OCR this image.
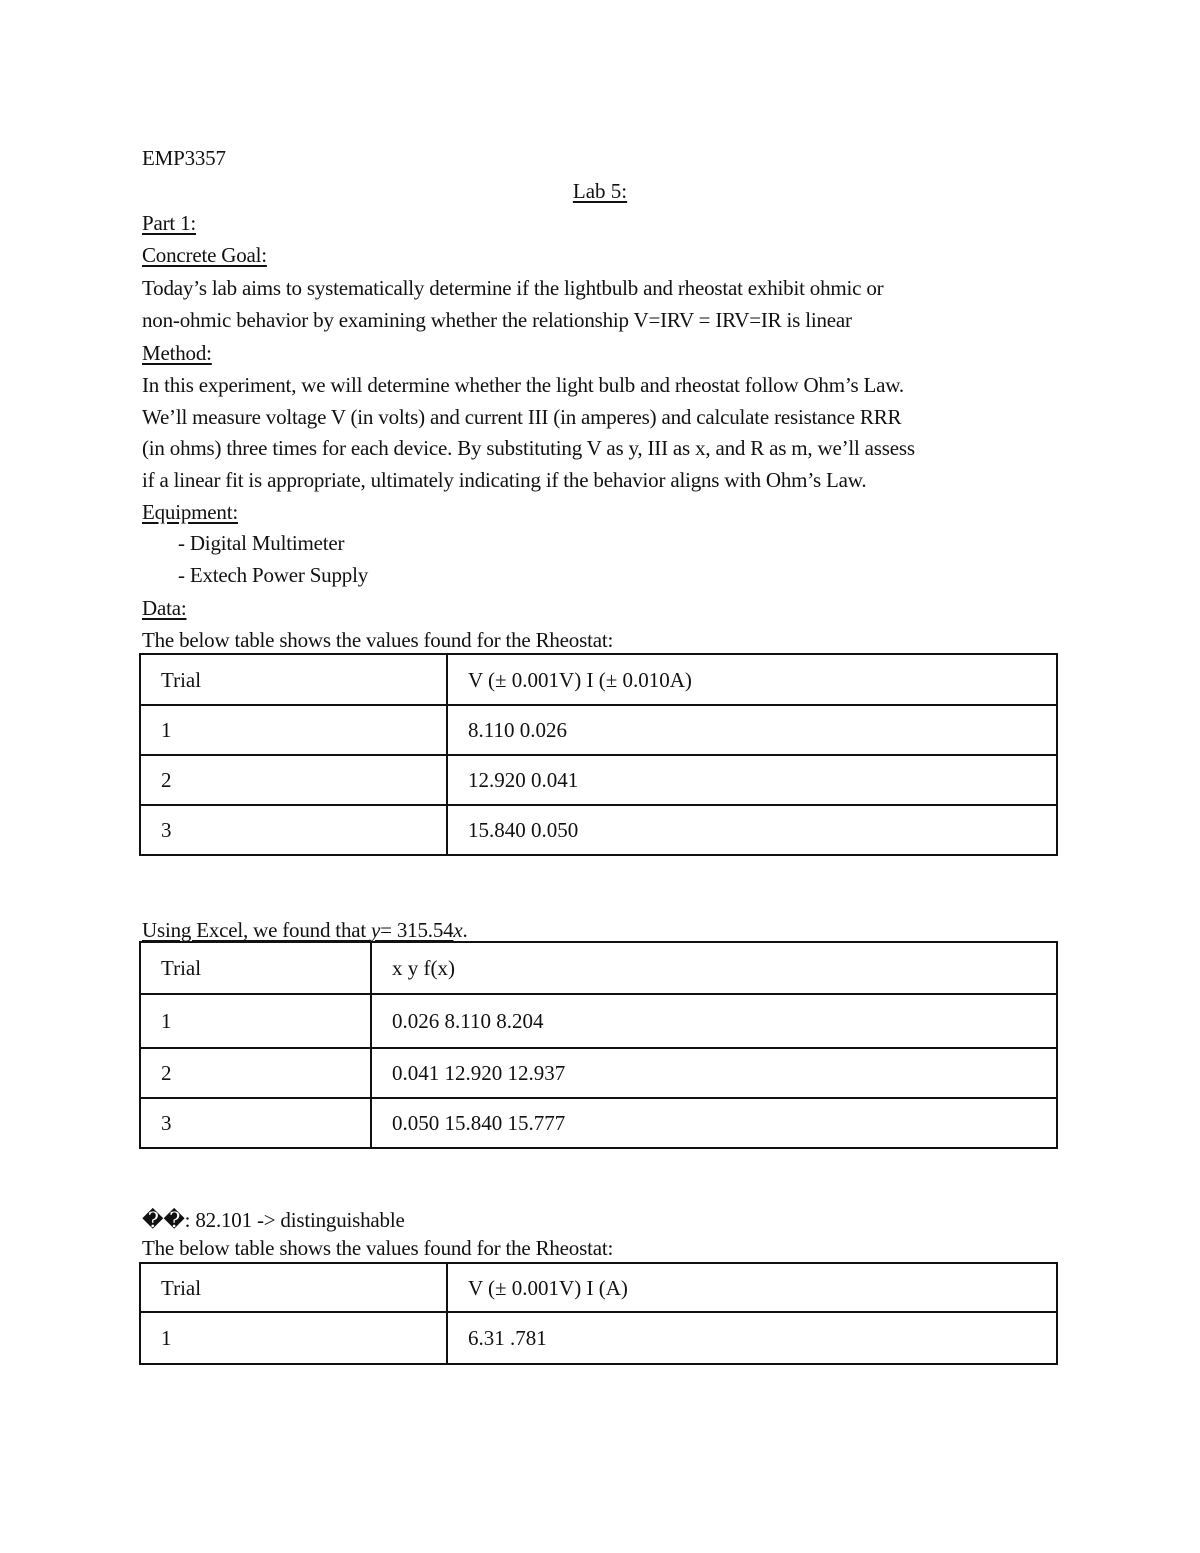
EMP3357
Lab 5:
Part 1:
Concrete Goal:
Today’s lab aims to systematically determine if the lightbulb and rheostat exhibit ohmic or
non-ohmic behavior by examining whether the relationship V=IRV = IRV=IR is linear
Method:
In this experiment, we will determine whether the light bulb and rheostat follow Ohm’s Law.
We’ll measure voltage V (in volts) and current III (in amperes) and calculate resistance RRR
(in ohms) three times for each device. By substituting V as y, III as x, and R as m, we’ll assess
if a linear fit is appropriate, ultimately indicating if the behavior aligns with Ohm’s Law.
Equipment:
- Digital Multimeter
- Extech Power Supply
Data:
The below table shows the values found for the Rheostat:
Trial	V (± 0.001V) I (± 0.010A)
1	8.110 0.026
2	12.920 0.041
3	15.840 0.050
Using Excel, we found that y= 315.54x.
Trial	x y f(x)
1	0.026 8.110 8.204
2	0.041 12.920 12.937
3	0.050 15.840 15.777
��: 82.101 -> distinguishable
The below table shows the values found for the Rheostat:
Trial	V (± 0.001V) I (A)
1	6.31 .781
